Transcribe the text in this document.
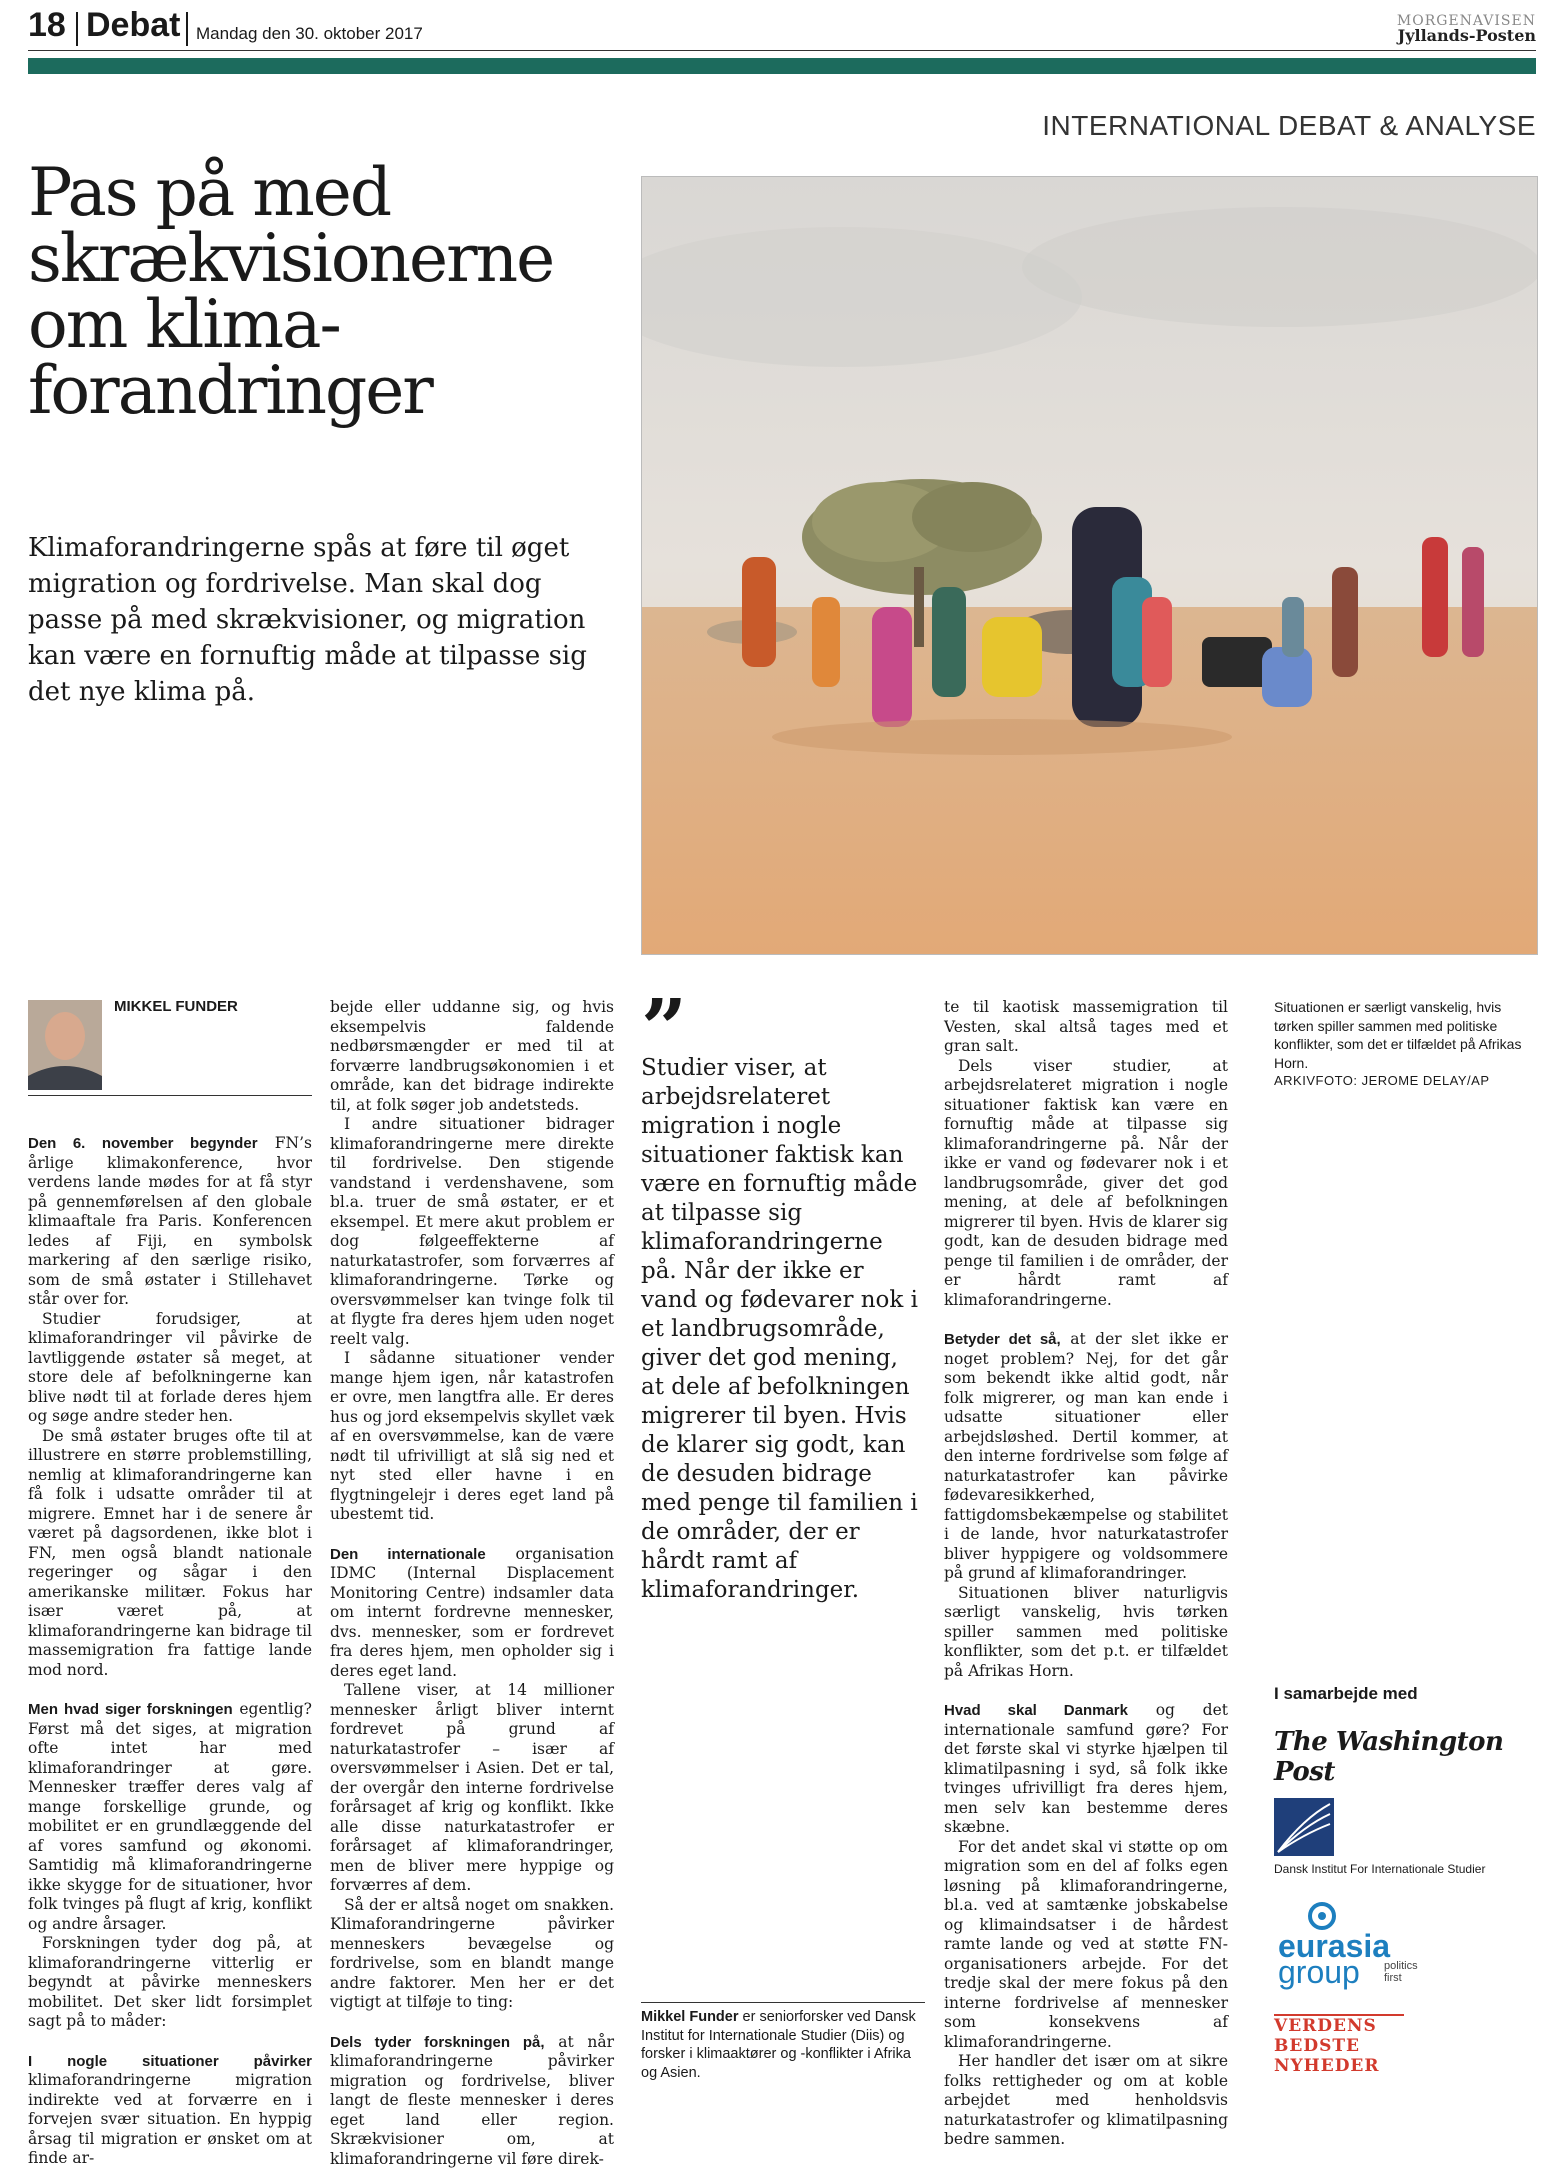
18 Debat Mandag den 30. oktober 2017
MORGENAVISEN
Jyllands-Posten
INTERNATIONAL DEBAT & ANALYSE
Pas på med
skrækvisionerne
om klima-
forandringer
Klimaforandringerne spås at føre til øget migration og fordrivelse. Man skal dog passe på med skrækvisioner, og migration kan være en fornuftig måde at tilpasse sig det nye klima på.
MIKKEL FUNDER

Den 6. november begynder FN’s årlige klimakonference, hvor verdens lande mødes for at få styr på gennemførelsen af den globale klimaaftale fra Paris. Konferencen ledes af Fiji, en symbolsk markering af den særlige risiko, som de små østater i Stillehavet står over for.

Studier forudsiger, at klimaforandringer vil påvirke de lavtliggende østater så meget, at store dele af befolkningerne kan blive nødt til at forlade deres hjem og søge andre steder hen.

De små østater bruges ofte til at illustrere en større problemstilling, nemlig at klimaforandringerne kan få folk i udsatte områder til at migrere. Emnet har i de senere år været på dagsordenen, ikke blot i FN, men også blandt nationale regeringer og sågar i den amerikanske militær. Fokus har især været på, at klimaforandringerne kan bidrage til massemigration fra fattige lande mod nord.

Men hvad siger forskningen egentlig? Først må det siges, at migration ofte intet har med klimaforandringer at gøre. Mennesker træffer deres valg af mange forskellige grunde, og mobilitet er en grundlæggende del af vores samfund og økonomi. Samtidig må klimaforandringerne ikke skygge for de situationer, hvor folk tvinges på flugt af krig, konflikt og andre årsager.

Forskningen tyder dog på, at klimaforandringerne vitterlig er begyndt at påvirke menneskers mobilitet. Det sker lidt forsimplet sagt på to måder:

I nogle situationer påvirker klimaforandringerne migration indirekte ved at forværre en i forvejen svær situation. En hyppig årsag til migration er ønsket om at finde ar-

bejde eller uddanne sig, og hvis eksempelvis faldende nedbørsmængder er med til at forværre landbrugsøkonomien i et område, kan det bidrage indirekte til, at folk søger job andetsteds.

I andre situationer bidrager klimaforandringerne mere direkte til fordrivelse. Den stigende vandstand i verdenshavene, som bl.a. truer de små østater, er et eksempel. Et mere akut problem er dog følgeeffekterne af naturkatastrofer, som forværres af klimaforandringerne. Tørke og oversvømmelser kan tvinge folk til at flygte fra deres hjem uden noget reelt valg.

I sådanne situationer vender mange hjem igen, når katastrofen er ovre, men langtfra alle. Er deres hus og jord eksempelvis skyllet væk af en oversvømmelse, kan de være nødt til ufrivilligt at slå sig ned et nyt sted eller havne i en flygtningelejr i deres eget land på ubestemt tid.

Den internationale organisation IDMC (Internal Displacement Monitoring Centre) indsamler data om internt fordrevne mennesker, dvs. mennesker, som er fordrevet fra deres hjem, men opholder sig i deres eget land.

Tallene viser, at 14 millioner mennesker årligt bliver internt fordrevet på grund af naturkatastrofer – især af oversvømmelser i Asien. Det er tal, der overgår den interne fordrivelse forårsaget af krig og konflikt. Ikke alle disse naturkatastrofer er forårsaget af klimaforandringer, men de bliver mere hyppige og forværres af dem.

Så der er altså noget om snakken. Klimaforandringerne påvirker menneskers bevægelse og fordrivelse, som en blandt mange andre faktorer. Men her er det vigtigt at tilføje to ting:

Dels tyder forskningen på, at når klimaforandringerne påvirker migration og fordrivelse, bliver langt de fleste mennesker i deres eget land eller region. Skrækvisioner om, at klimaforandringerne vil føre direk-

”
Studier viser, at arbejdsrelateret migration i nogle situationer faktisk kan være en fornuftig måde at tilpasse sig klimaforandringerne på. Når der ikke er vand og fødevarer nok i et landbrugsområde, giver det god mening, at dele af befolkningen migrerer til byen. Hvis de klarer sig godt, kan de desuden bidrage med penge til familien i de områder, der er hårdt ramt af klimaforandringer.
Mikkel Funder er seniorforsker ved Dansk Institut for Internationale Studier (Diis) og forsker i klimaaktører og -konflikter i Afrika og Asien.

te til kaotisk massemigration til Vesten, skal altså tages med et gran salt.

Dels viser studier, at arbejdsrelateret migration i nogle situationer faktisk kan være en fornuftig måde at tilpasse sig klimaforandringerne på. Når der ikke er vand og fødevarer nok i et landbrugsområde, giver det god mening, at dele af befolkningen migrerer til byen. Hvis de klarer sig godt, kan de desuden bidrage med penge til familien i de områder, der er hårdt ramt af klimaforandringerne.

Betyder det så, at der slet ikke er noget problem? Nej, for det går som bekendt ikke altid godt, når folk migrerer, og man kan ende i udsatte situationer eller arbejdsløshed. Dertil kommer, at den interne fordrivelse som følge af naturkatastrofer kan påvirke fødevaresikkerhed, fattigdomsbekæmpelse og stabilitet i de lande, hvor naturkatastrofer bliver hyppigere og voldsommere på grund af klimaforandringer.

Situationen bliver naturligvis særligt vanskelig, hvis tørken spiller sammen med politiske konflikter, som det p.t. er tilfældet på Afrikas Horn.

Hvad skal Danmark og det internationale samfund gøre? For det første skal vi styrke hjælpen til klimatilpasning i syd, så folk ikke tvinges ufrivilligt fra deres hjem, men selv kan bestemme deres skæbne.

For det andet skal vi støtte op om migration som en del af folks egen løsning på klimaforandringerne, bl.a. ved at samtænke jobskabelse og klimaindsatser i de hårdest ramte lande og ved at støtte FN-organisationers arbejde. For det tredje skal der mere fokus på den interne fordrivelse af mennesker som konsekvens af klimaforandringerne.

Her handler det især om at sikre folks rettigheder og om at koble arbejdet med henholdsvis naturkatastrofer og klimatilpasning bedre sammen.

Situationen er særligt vanskelig, hvis tørken spiller sammen med politiske konflikter, som det er tilfældet på Afrikas Horn.
ARKIVFOTO: JEROME DELAY/AP
I samarbejde med
The Washington Post
Dansk Institut For Internationale Studier
eurasia
group politics first
VERDENS
BEDSTE
NYHEDER
